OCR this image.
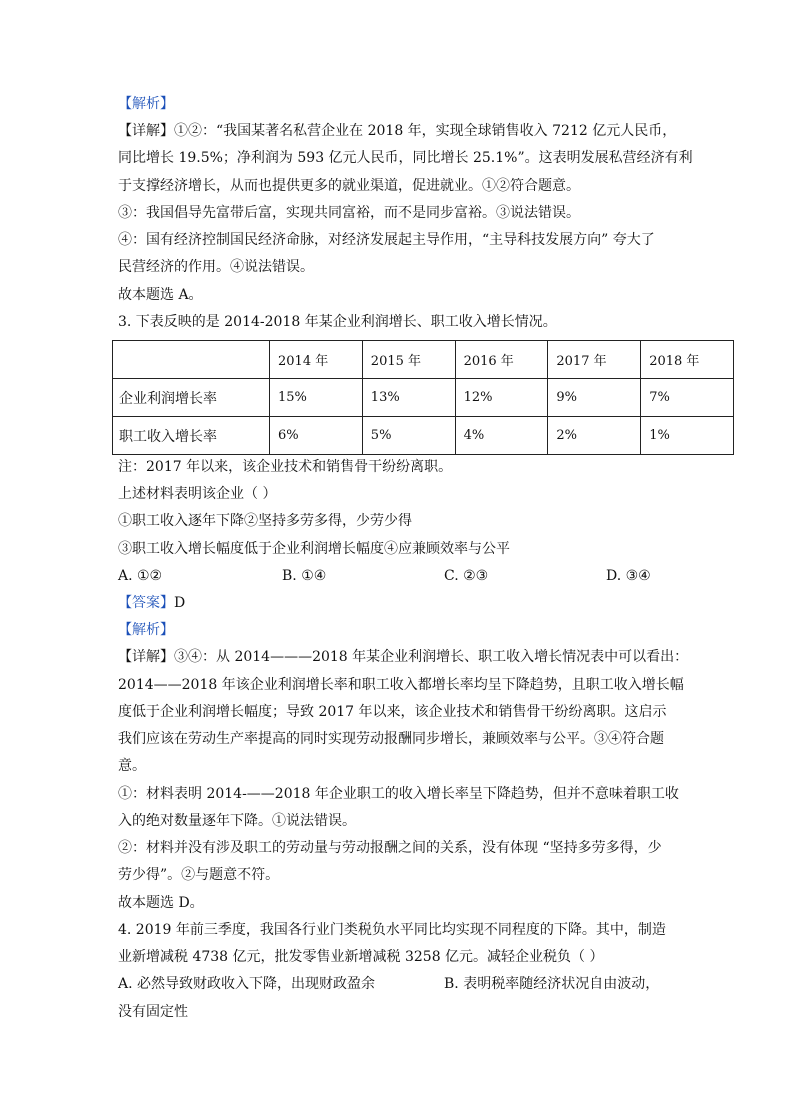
【解析】
【详解】①②：“我国某著名私营企业在 2018 年，实现全球销售收入 7212 亿元人民币，
同比增长 19.5%；净利润为 593 亿元人民币，同比增长 25.1%”。这表明发展私营经济有利
于支撑经济增长，从而也提供更多的就业渠道，促进就业。①②符合题意。
③：我国倡导先富带后富，实现共同富裕，而不是同步富裕。③说法错误。
④：国有经济控制国民经济命脉，对经济发展起主导作用，“主导科技发展方向” 夸大了
民营经济的作用。④说法错误。
故本题选 A。
3. 下表反映的是 2014-2018 年某企业利润增长、职工收入增长情况。
	2014 年	2015 年	2016 年	2017 年	2018 年
企业利润增长率	15%	13%	12%	9%	7%
职工收入增长率	6%	5%	4%	2%	1%
注：2017 年以来，该企业技术和销售骨干纷纷离职。
上述材料表明该企业（ ）
①职工收入逐年下降②坚持多劳多得，少劳少得
③职工收入增长幅度低于企业利润增长幅度④应兼顾效率与公平
A. ①②	B. ①④	C. ②③	D. ③④
【答案】D
【解析】
【详解】③④：从 2014———2018 年某企业利润增长、职工收入增长情况表中可以看出：
2014——2018 年该企业利润增长率和职工收入都增长率均呈下降趋势，且职工收入增长幅
度低于企业利润增长幅度；导致 2017 年以来，该企业技术和销售骨干纷纷离职。这启示
我们应该在劳动生产率提高的同时实现劳动报酬同步增长，兼顾效率与公平。③④符合题
意。
①：材料表明 2014-——2018 年企业职工的收入增长率呈下降趋势，但并不意味着职工收
入的绝对数量逐年下降。①说法错误。
②：材料并没有涉及职工的劳动量与劳动报酬之间的关系，没有体现 “坚持多劳多得，少
劳少得”。②与题意不符。
故本题选 D。
4. 2019 年前三季度，我国各行业门类税负水平同比均实现不同程度的下降。其中，制造
业新增减税 4738 亿元，批发零售业新增减税 3258 亿元。减轻企业税负（ ）
A. 必然导致财政收入下降，出现财政盈余	B. 表明税率随经济状况自由波动，
没有固定性
